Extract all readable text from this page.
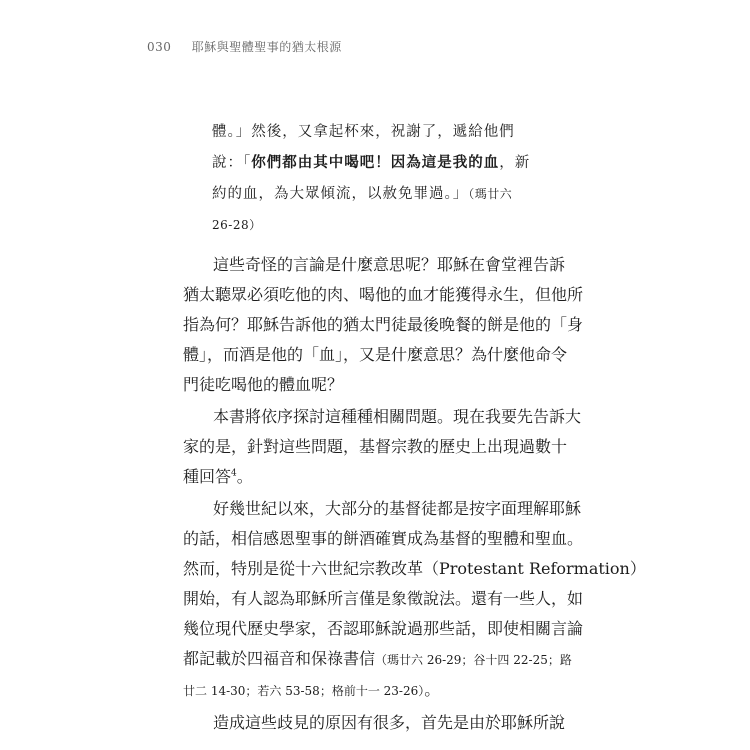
030 耶穌與聖體聖事的猶太根源
體。」然後，又拿起杯來，祝謝了，遞給他們
說：「你們都由其中喝吧！因為這是我的血，新
約的血，為大眾傾流，以赦免罪過。」（瑪廿六
26-28）
這些奇怪的言論是什麼意思呢？耶穌在會堂裡告訴
猶太聽眾必須吃他的肉、喝他的血才能獲得永生，但他所
指為何？耶穌告訴他的猶太門徒最後晚餐的餅是他的「身
體」，而酒是他的「血」，又是什麼意思？為什麼他命令
門徒吃喝他的體血呢？
本書將依序探討這種種相關問題。現在我要先告訴大
家的是，針對這些問題，基督宗教的歷史上出現過數十
種回答$^4$。
好幾世紀以來，大部分的基督徒都是按字面理解耶穌
的話，相信感恩聖事的餅酒確實成為基督的聖體和聖血。
然而，特別是從十六世紀宗教改革（Protestant Reformation）
開始，有人認為耶穌所言僅是象徵說法。還有一些人，如
幾位現代歷史學家，否認耶穌說過那些話，即使相關言論
都記載於四福音和保祿書信（瑪廿六 26-29；谷十四 22-25；路
廿二 14-30；若六 53-58；格前十一 23-26）。
造成這些歧見的原因有很多，首先是由於耶穌所說
